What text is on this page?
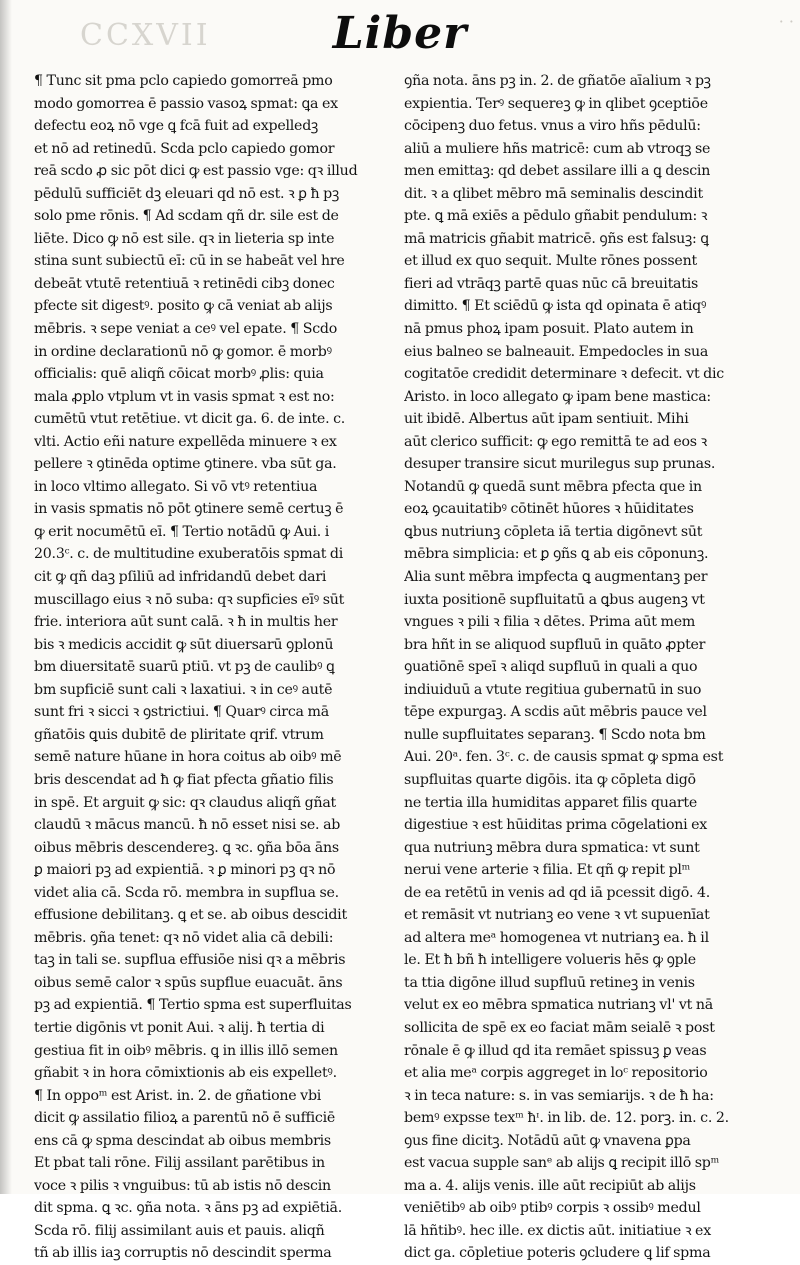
CCXVII	· ·
Liber
¶ Tunc sit pma pclo capiedo gomorreā pmo
modo gomorrea ē passio vasoꝝ spmat: ꝗa ex
defectu eoꝝ nō vge ꝗ fcā fuit ad expelledꝫ
et nō ad retinedū. Scda pclo capiedo gomor
reā scdo ꝓ sic pōt dici ꝙ est passio vge: qꝛ illud
pēdulū sufficiēt dꝫ eleuari qd nō est. ꝛ ꝑ ħ pꝫ
solo pme rōnis. ¶ Ad scdam qñ dr. sile est de
liēte. Dico ꝙ nō est sile. qꝛ in lieteria sp inte
stina sunt subiectū eī: cū in se habeāt vel hre
debeāt vtutē retentiuā ꝛ retinēdi cibꝫ donec
pfecte sit digestꝰ. posito ꝙ cā veniat ab alijs
mēbris. ꝛ sepe veniat a ceꝰ vel epate. ¶ Scdo
in ordine declarationū nō ꝙ gomor. ē morbꝰ
officialis: quē aliqñ cōicat morbꝰ ꝓlis: quia
mala ꝓplo vtplum vt in vasis spmat ꝛ est no:
cumētū vtut retētiue. vt dicit ga. 6. de inte. c.
vlti. Actio eñi nature expellēda minuere ꝛ ex
pellere ꝛ ꝯtinēda optime ꝯtinere. vba sūt ga.
in loco vltimo allegato. Si vō vtꝰ retentiua
in vasis spmatis nō pōt ꝯtinere semē certuꝫ ē
ꝙ erit nocumētū eī. ¶ Tertio notādū ꝙ Aui. i
20.3ᶜ. c. de multitudine exuberatōis spmat di
cit ꝙ qñ daꝫ pſiliū ad infridandū debet dari
muscillago eius ꝛ nō suba: qꝛ supficies eīꝰ sūt
frie. interiora aūt sunt calā. ꝛ ħ in multis her
bis ꝛ medicis accidit ꝙ sūt diuersarū ꝯplonū
bm diuersitatē suarū ptiū. vt pꝫ de caulibꝰ ꝗ
bm supficiē sunt cali ꝛ laxatiui. ꝛ in ceꝰ autē
sunt fri ꝛ sicci ꝛ ꝯstrictiui. ¶ Quarꝰ circa mā
gñatōis ꝗuis dubitē de pliritate qrif. vtrum
semē nature hūane in hora coitus ab oibꝰ mē
bris descendat ad ħ ꝙ fiat pfecta gñatio filis
in spē. Et arguit ꝙ sic: qꝛ claudus aliqñ gñat
claudū ꝛ mācus mancū. ħ nō esset nisi se. ab
oibus mēbris descendereꝫ. ꝗ ꝛc. ꝯña bōa āns
ꝑ maiori pꝫ ad expientiā. ꝛ ꝑ minori pꝫ qꝛ nō
videt alia cā. Scda rō. membra in supflua se.
effusione debilitanꝫ. ꝗ et se. ab oibus descidit
mēbris. ꝯña tenet: qꝛ nō videt alia cā debili:
taꝫ in tali se. supflua effusiōe nisi qꝛ a mēbris
oibus semē calor ꝛ spūs supflue euacuāt. āns
pꝫ ad expientiā. ¶ Tertio spma est superfluitas
tertie digōnis vt ponit Aui. ꝛ alij. ħ tertia di
gestiua fit in oibꝰ mēbris. ꝗ in illis illō semen
gñabit ꝛ in hora cōmixtionis ab eis expelletꝰ.
¶ In oppoᵐ est Arist. in. 2. de gñatione vbi
dicit ꝙ assilatio filioꝝ a parentū nō ē sufficiē
ens cā ꝙ spma descindat ab oibus membris
Et pbat tali rōne. Filij assilant parētibus in
voce ꝛ pilis ꝛ vnguibus: tū ab istis nō descin
dit spma. ꝗ ꝛc. ꝯña nota. ꝛ āns pꝫ ad expiētiā.
Scda rō. filij assimilant auis et pauis. aliqñ
tñ ab illis iaꝫ corruptis nō descindit sperma
ꝯña nota. āns pꝫ in. 2. de gñatōe aīalium ꝛ pꝫ
expientia. Terꝰ sequereꝫ ꝙ in qlibet ꝯceptiōe
cōcipenꝫ duo fetus. vnus a viro hñs pēdulū:
aliū a muliere hñs matricē: cum ab vtroqꝫ se
men emittaꝫ: qd debet assilare illi a ꝗ descin
dit. ꝛ a qlibet mēbro mā seminalis descindit
pte. ꝗ mā exiēs a pēdulo gñabit pendulum: ꝛ
mā matricis gñabit matricē. ꝯñs est falsuꝫ: ꝗ
et illud ex quo sequit. Multe rōnes possent
fieri ad vtrāqꝫ partē quas nūc cā breuitatis
dimitto. ¶ Et sciēdū ꝙ ista qd opinata ē atiqꝰ
nā pmus phoꝝ ipam posuit. Plato autem in
eius balneo se balneauit. Empedocles in sua
cogitatōe credidit determinare ꝛ defecit. vt dic
Aristo. in loco allegato ꝙ ipam bene mastica:
uit ibidē. Albertus aūt ipam sentiuit. Mihi
aūt clerico sufficit: ꝙ ego remittā te ad eos ꝛ
desuper transire sicut murilegus sup prunas.
Notandū ꝙ quedā sunt mēbra pfecta que in
eoꝝ ꝯcauitatibꝰ cōtinēt hūores ꝛ hūiditates
ꝗbus nutriunꝫ cōpleta iā tertia digōnevt sūt
mēbra simplicia: et ꝑ ꝯñs ꝗ ab eis cōponunꝫ.
Alia sunt mēbra impfecta ꝗ augmentanꝫ per
iuxta positionē supfluitatū a ꝗbus augenꝫ vt
vngues ꝛ pili ꝛ filia ꝛ dētes. Prima aūt mem
bra hñt in se aliquod supfluū in quāto ꝓpter
ꝯuatiōnē speī ꝛ aliqd supfluū in quali a quo
indiuiduū a vtute regitiua gubernatū in suo
tēpe expurgaꝫ. A scdis aūt mēbris pauce vel
nulle supfluitates separanꝫ. ¶ Scdo nota bm
Aui. 20ᵃ. fen. 3ᶜ. c. de causis spmat ꝙ spma est
supfluitas quarte digōis. ita ꝙ cōpleta digō
ne tertia illa humiditas apparet filis quarte
digestiue ꝛ est hūiditas prima cōgelationi ex
qua nutriunꝫ mēbra dura spmatica: vt sunt
nerui vene arterie ꝛ filia. Et qñ ꝙ repit plᵐ
de ea retētū in venis ad qd iā pcessit digō. 4.
et remāsit vt nutrianꝫ eo vene ꝛ vt supuenīat
ad altera meᵃ homogenea vt nutrianꝫ ea. ħ il
le. Et ħ bñ ħ intelligere volueris hēs ꝙ ꝯple
ta ttia digōne illud supfluū retineꝫ in venis
velut ex eo mēbra spmatica nutrianꝫ vl' vt nā
sollicita de spē ex eo faciat mām seialē ꝛ post
rōnale ē ꝙ illud qd ita remāet spissuꝫ ꝑ veas
et alia meᵃ corpis aggreget in loᶜ repositorio
ꝛ in teca nature: s. in vas semiarijs. ꝛ de ħ ha:
bemꝰ expsse texᵐ ħᶦ. in lib. de. 12. porꝫ. in. c. 2.
ꝯus fine dicitꝫ. Notādū aūt ꝙ vnavena ꝑpa
est vacua supple sanᵉ ab alijs ꝗ recipit illō spᵐ
ma a. 4. alijs venis. ille aūt recipiūt ab alijs
veniētibꝰ ab oibꝰ ptibꝰ corpis ꝛ ossibꝰ medul
lā hñtibꝰ. hec ille. ex dictis aūt. initiatiue ꝛ ex
dict ga. cōpletiue poteris ꝯcludere ꝗ lif spma
